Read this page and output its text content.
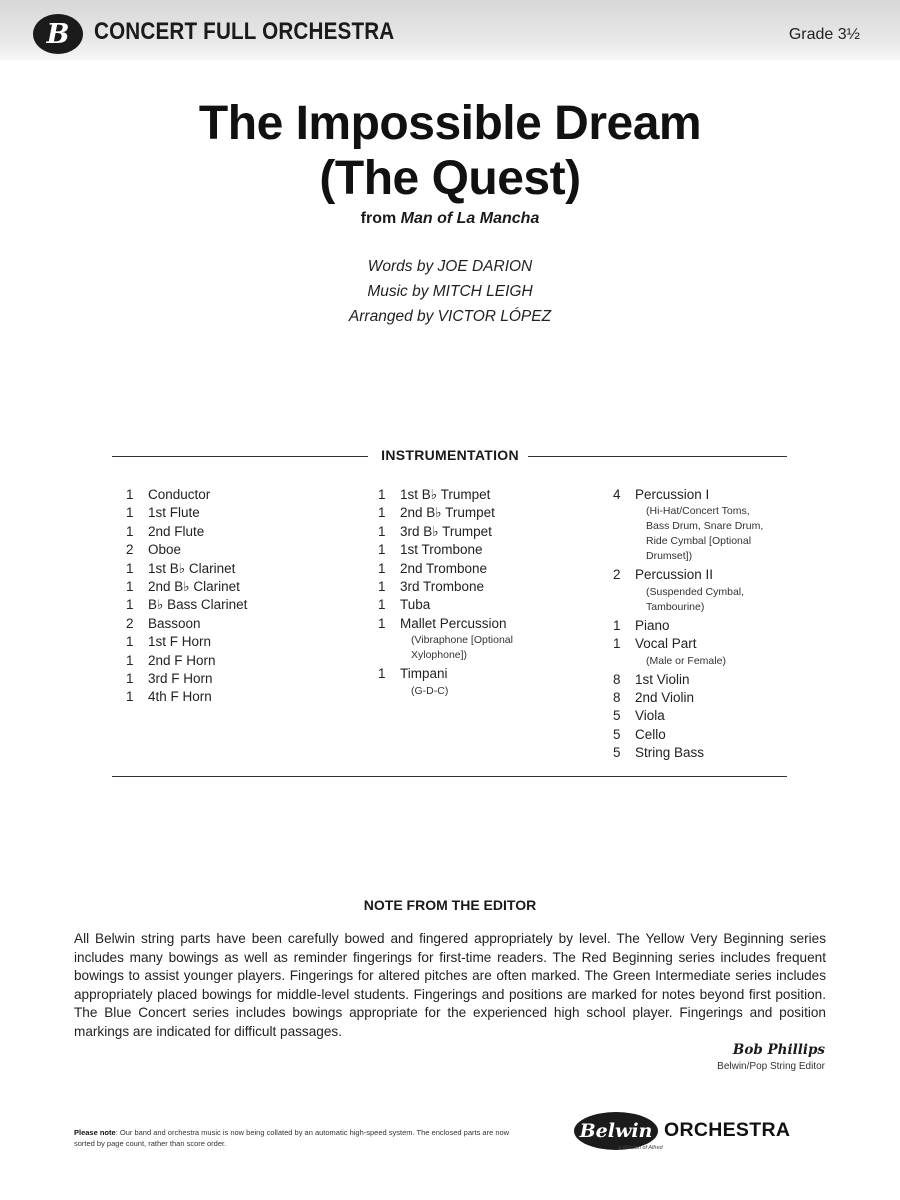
B CONCERT FULL ORCHESTRA	Grade 3½
The Impossible Dream
(The Quest)
from Man of La Mancha
Words by JOE DARION
Music by MITCH LEIGH
Arranged by VICTOR LÓPEZ
INSTRUMENTATION
1	Conductor
1	1st Flute
1	2nd Flute
2	Oboe
1	1st B♭ Clarinet
1	2nd B♭ Clarinet
1	B♭ Bass Clarinet
2	Bassoon
1	1st F Horn
1	2nd F Horn
1	3rd F Horn
1	4th F Horn
1	1st B♭ Trumpet
1	2nd B♭ Trumpet
1	3rd B♭ Trumpet
1	1st Trombone
1	2nd Trombone
1	3rd Trombone
1	Tuba
1	Mallet Percussion
(Vibraphone [Optional
Xylophone])
1	Timpani
(G-D-C)
4	Percussion I
(Hi-Hat/Concert Toms,
Bass Drum, Snare Drum,
Ride Cymbal [Optional
Drumset])
2	Percussion II
(Suspended Cymbal,
Tambourine)
1	Piano
1	Vocal Part
(Male or Female)
8	1st Violin
8	2nd Violin
5	Viola
5	Cello
5	String Bass
NOTE FROM THE EDITOR
All Belwin string parts have been carefully bowed and fingered appropriately by level. The Yellow Very Beginning series includes many bowings as well as reminder fingerings for first-time readers. The Red Beginning series includes frequent bowings to assist younger players. Fingerings for altered pitches are often marked. The Green Intermediate series includes appropriately placed bowings for middle-level students. Fingerings and positions are marked for notes beyond first position. The Blue Concert series includes bowings appropriate for the experienced high school player. Fingerings and position markings are indicated for difficult passages.
Bob Phillips
Belwin/Pop String Editor
Please note: Our band and orchestra music is now being collated by an automatic high-speed system. The enclosed parts are now sorted by page count, rather than score order.
Belwin ORCHESTRA
a division of Alfred
